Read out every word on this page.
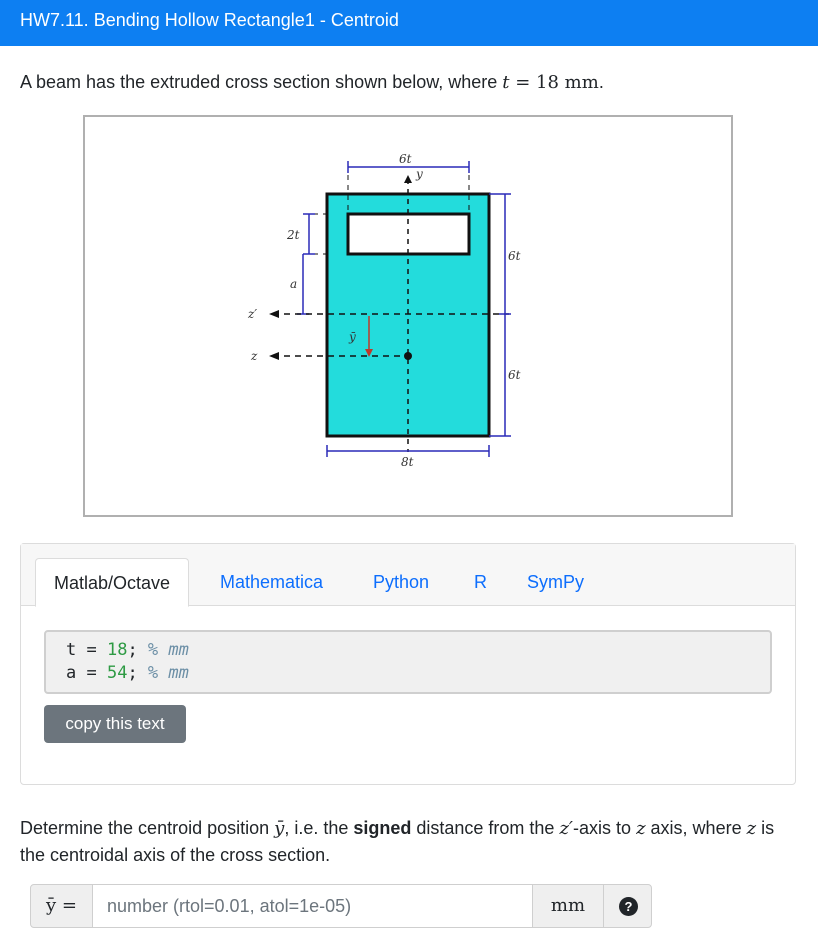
HW7.11. Bending Hollow Rectangle1 - Centroid
A beam has the extruded cross section shown below, where t = 18 mm.
y
6t
2t
a
z′
z
ȳ
6t
6t
8t
Matlab/Octave	Mathematica	Python R SymPy
t = 18; % mm
a = 54; % mm
copy this text
Determine the centroid position ȳ, i.e. the signed distance from the z′-axis to z axis, where z is the centroidal axis of the cross section.
ȳ =
number (rtol=0.01, atol=1e-05)	mm	?
